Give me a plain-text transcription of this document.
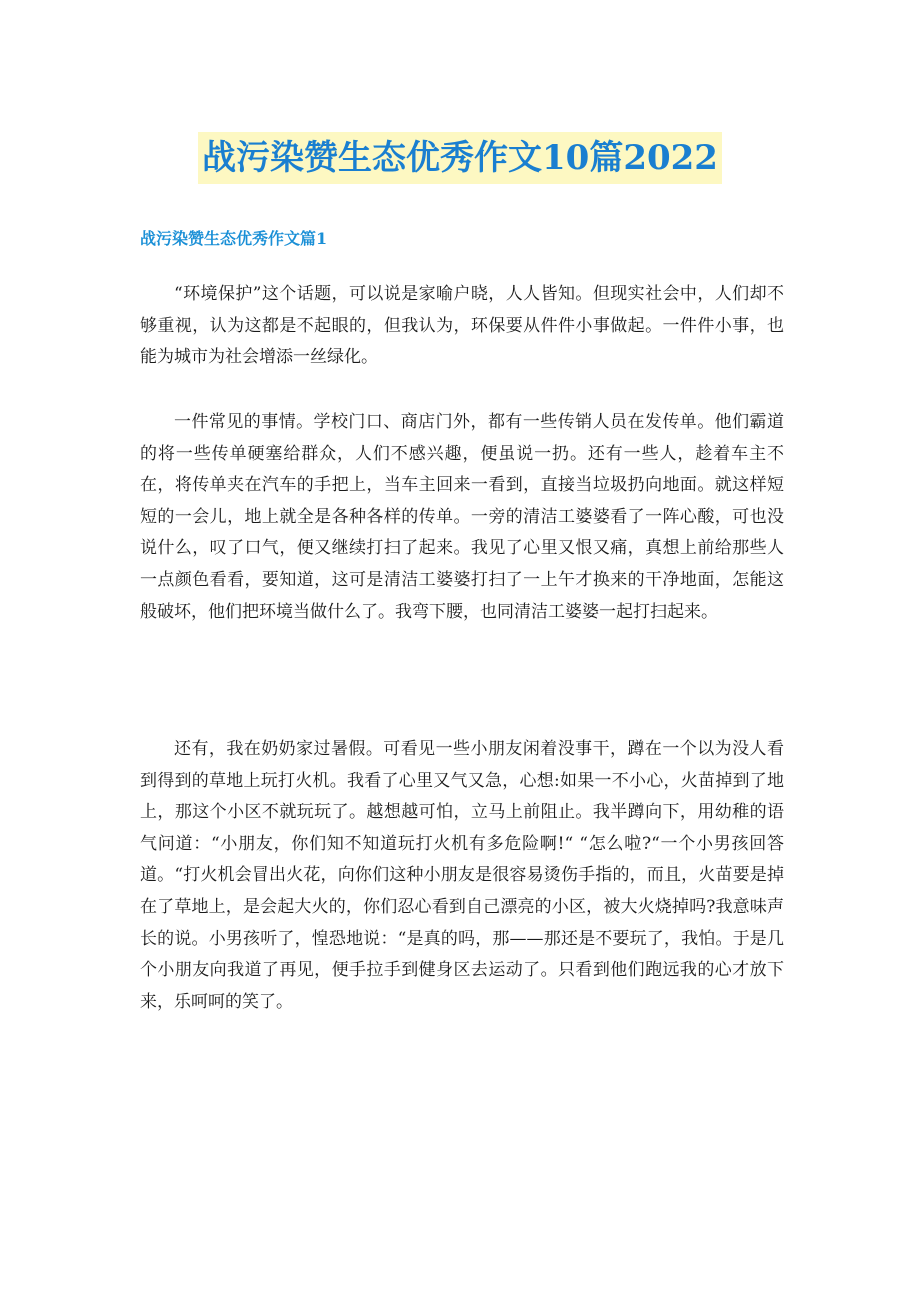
战污染赞生态优秀作文10篇2022
战污染赞生态优秀作文篇1

“环境保护”这个话题，可以说是家喻户晓，人人皆知。但现实社会中，人们却不够重视，认为这都是不起眼的，但我认为，环保要从件件小事做起。一件件小事，也能为城市为社会增添一丝绿化。

一件常见的事情。学校门口、商店门外，都有一些传销人员在发传单。他们霸道的将一些传单硬塞给群众，人们不感兴趣，便虽说一扔。还有一些人，趁着车主不在，将传单夹在汽车的手把上，当车主回来一看到，直接当垃圾扔向地面。就这样短短的一会儿，地上就全是各种各样的传单。一旁的清洁工婆婆看了一阵心酸，可也没说什么，叹了口气，便又继续打扫了起来。我见了心里又恨又痛，真想上前给那些人一点颜色看看，要知道，这可是清洁工婆婆打扫了一上午才换来的干净地面，怎能这般破坏，他们把环境当做什么了。我弯下腰，也同清洁工婆婆一起打扫起来。

还有，我在奶奶家过暑假。可看见一些小朋友闲着没事干，蹲在一个以为没人看到得到的草地上玩打火机。我看了心里又气又急，心想:如果一不小心，火苗掉到了地上，那这个小区不就玩玩了。越想越可怕，立马上前阻止。我半蹲向下，用幼稚的语气问道：“小朋友，你们知不知道玩打火机有多危险啊!“ “怎么啦?“一个小男孩回答道。“打火机会冒出火花，向你们这种小朋友是很容易烫伤手指的，而且，火苗要是掉在了草地上，是会起大火的，你们忍心看到自己漂亮的小区，被大火烧掉吗?我意味声长的说。小男孩听了，惶恐地说：“是真的吗，那——那还是不要玩了，我怕。于是几个小朋友向我道了再见，便手拉手到健身区去运动了。只看到他们跑远我的心才放下来，乐呵呵的笑了。
